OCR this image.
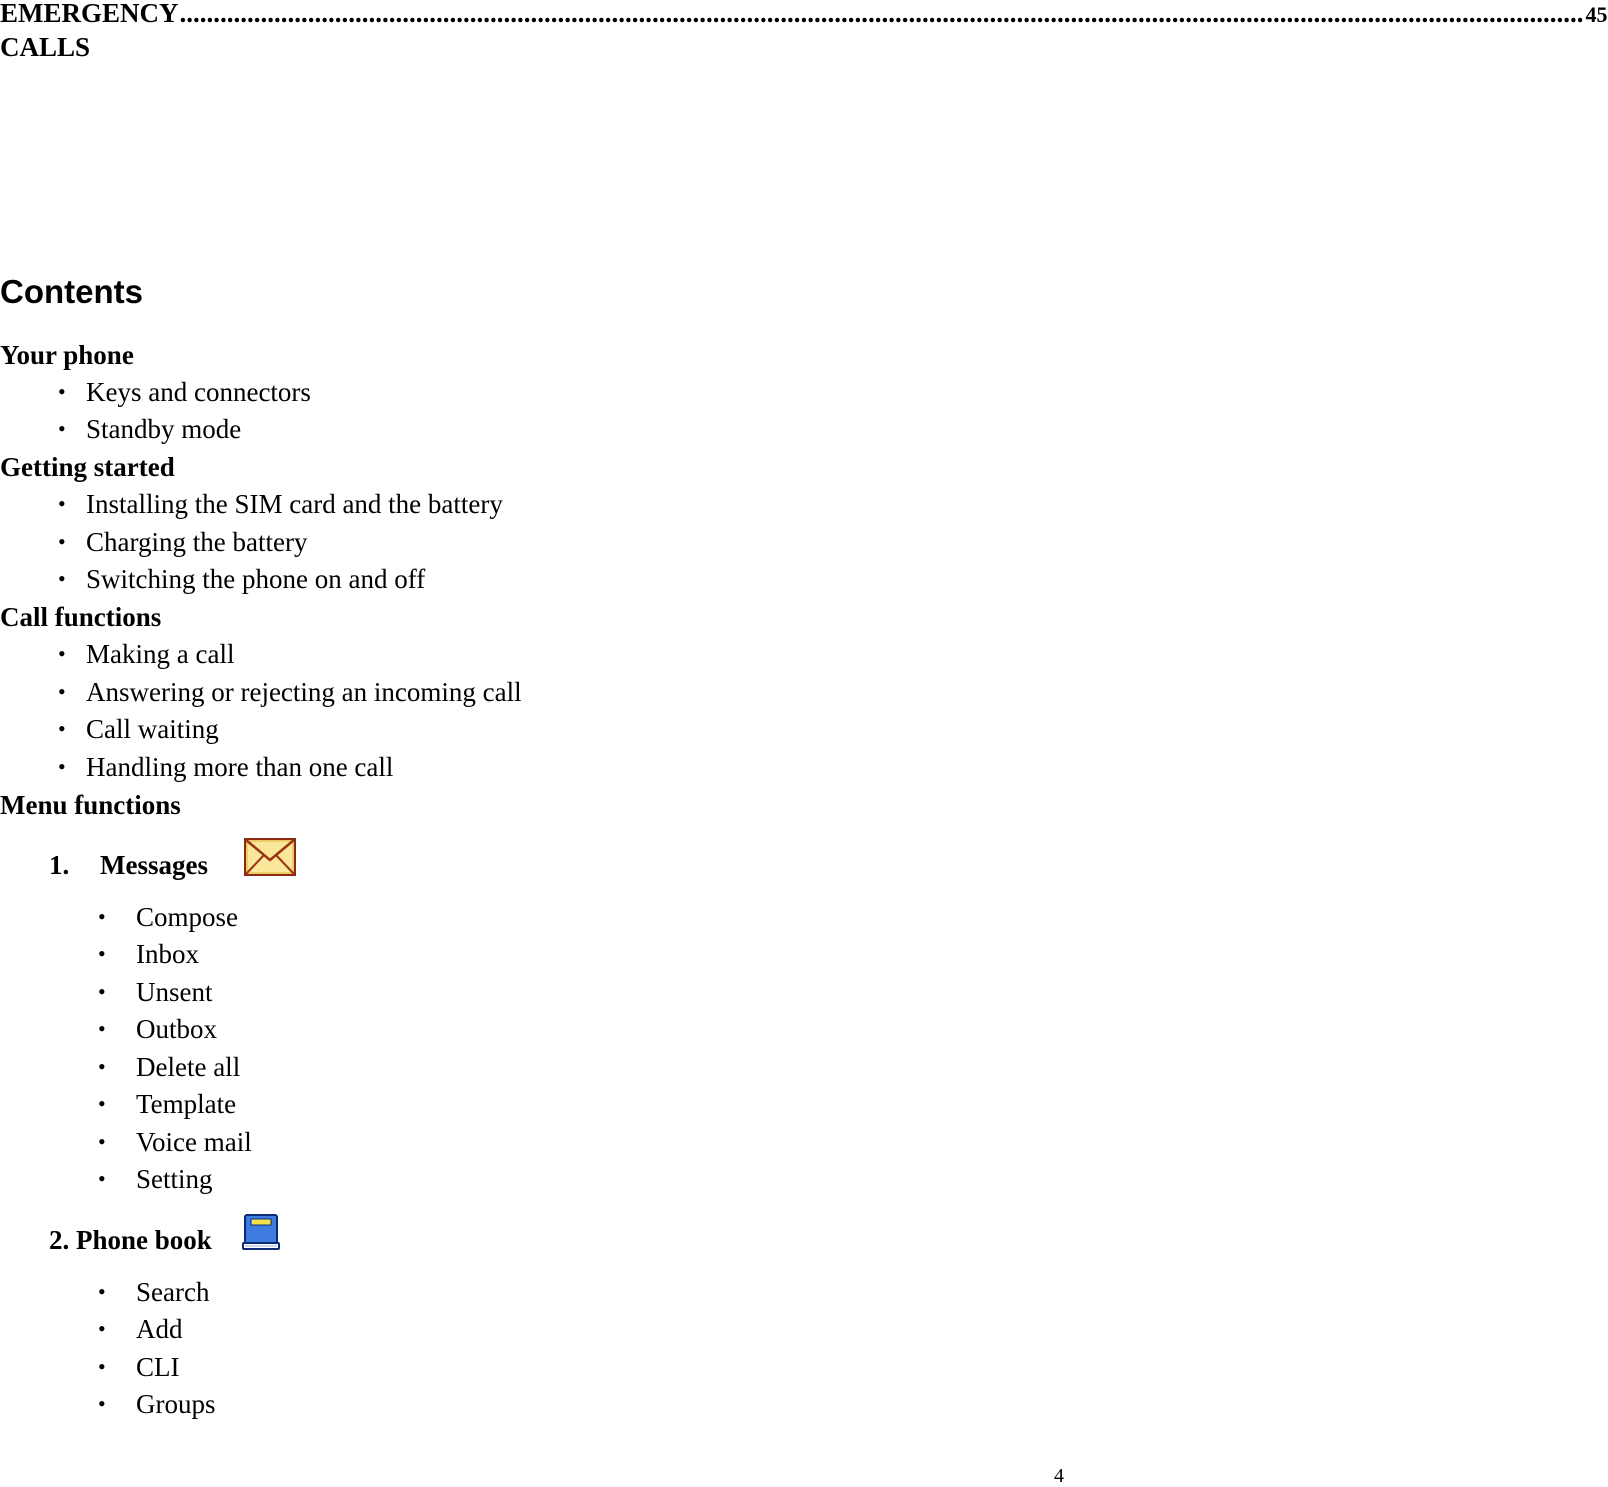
EMERGENCY CALLS
................................................................................................................................................................................................................ 45
Contents
Your phone
• Keys and connectors
• Standby mode
Getting started
• Installing the SIM card and the battery
• Charging the battery
• Switching the phone on and off
Call functions
• Making a call
• Answering or rejecting an incoming call
• Call waiting
• Handling more than one call
Menu functions
1. Messages
• Compose
• Inbox
• Unsent
• Outbox
• Delete all
• Template
• Voice mail
• Setting
2. Phone book
• Search
• Add
• CLI
• Groups
4
